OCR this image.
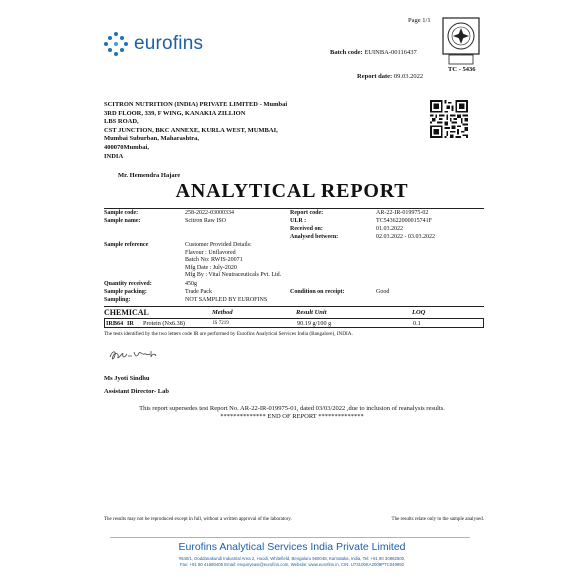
eurofins
Page 1/1
Batch code: EUINBA-00116437
Report date: 09.03.2022
TC - 5436
SCITRON NUTRITION (INDIA) PRIVATE LIMITED - Mumbai
3RD FLOOR, 339, F WING, KANAKIA ZILLION
LBS ROAD,
CST JUNCTION, BKC ANNEXE, KURLA WEST, MUMBAI,
Mumbai Suburban, Maharashtra,
400070Mumbai,
INDIA
Mr. Hemendra Hajare
ANALYTICAL REPORT
Sample code:	258-2022-03000334	Report code:	AR-22-IR-019975-02
Sample name:	Scitron Raw ISO	ULR :	TC543622000015741F
Received on:	01.03.2022
Analysed between:	02.03.2022 - 03.03.2022
Sample reference	Customer Provided Details:
Flavour : Unflavored
Batch No: RWIS-20071
Mfg Date : July-2020
Mfg By : Vital Neutraceuticals Pvt. Ltd.
Quantity received:	450g
Sample packing:	Trade Pack	Condition on receipt:	Good
Sampling:	NOT SAMPLED BY EUROFINS
CHEMICAL	Method	Result Unit	LOQ
IRB64 IR Protein (Nx6.38)	IS 7219	90.19 g/100 g	0.1
The tests identified by the two letters code IR are performed by Eurofins Analytical Services India (Bangalore), INDIA.
Ms Jyoti Sindhu
Assistant Director- Lab
This report supersedes test Report No. AR-22-IR-019975-01, dated 03/03/2022 ,due to inclusion of reanalysis results.
************** END OF REPORT **************
The results may not be reproduced except in full, without a written approval of the laboratory.	The results relate only to the sample analysed.
Eurofins Analytical Services India Private Limited
#540/1, Doddanakundi Industrial Area 2, Hoodi, Whitefield, Bengaluru 560048, Karnataka, India, Tel: +91 80 30982500,
Fax: +91 80 41680405 Email: enquiryeasi@eurofins.com, Website: www.eurofins.in, CIN: U73100KA2009PTC049992
